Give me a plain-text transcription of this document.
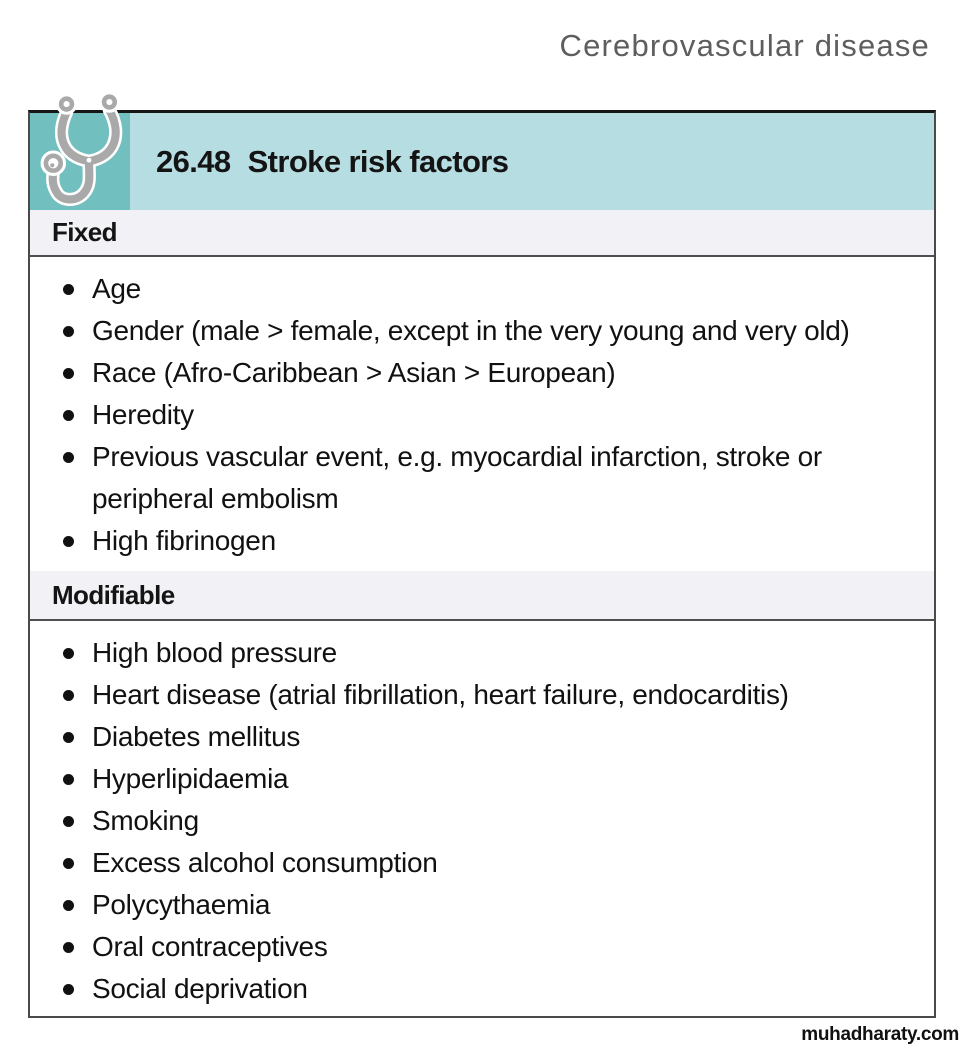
Cerebrovascular disease
26.48 Stroke risk factors
Fixed
Age
Gender (male > female, except in the very young and very old)
Race (Afro-Caribbean > Asian > European)
Heredity
Previous vascular event, e.g. myocardial infarction, stroke or peripheral embolism
High fibrinogen
Modifiable
High blood pressure
Heart disease (atrial fibrillation, heart failure, endocarditis)
Diabetes mellitus
Hyperlipidaemia
Smoking
Excess alcohol consumption
Polycythaemia
Oral contraceptives
Social deprivation
muhadharaty.com
